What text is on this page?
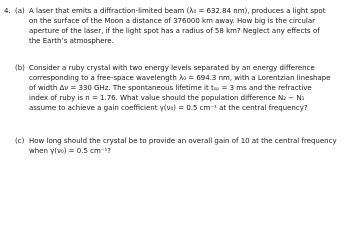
4. (a) A laser that emits a diffraction-limited beam (λ₀ = 632.84 nm), produces a light spot
on the surface of the Moon a distance of 376000 km away. How big is the circular
aperture of the laser, if the light spot has a radius of 58 km? Neglect any effects of
the Earth’s atmosphere.
(b) Consider a ruby crystal with two energy levels separated by an energy difference
corresponding to a free-space wavelength λ₀ = 694.3 nm, with a Lorentzian lineshape
of width Δν = 330 GHz. The spontaneous lifetime it tₛₚ = 3 ms and the refractive
index of ruby is n = 1.76. What value should the population difference N₂ − N₁
assume to achieve a gain coefficient γ(ν₀) = 0.5 cm⁻¹ at the central frequency?
(c) How long should the crystal be to provide an overall gain of 10 at the central frequency
when γ(ν₀) = 0.5 cm⁻¹?
